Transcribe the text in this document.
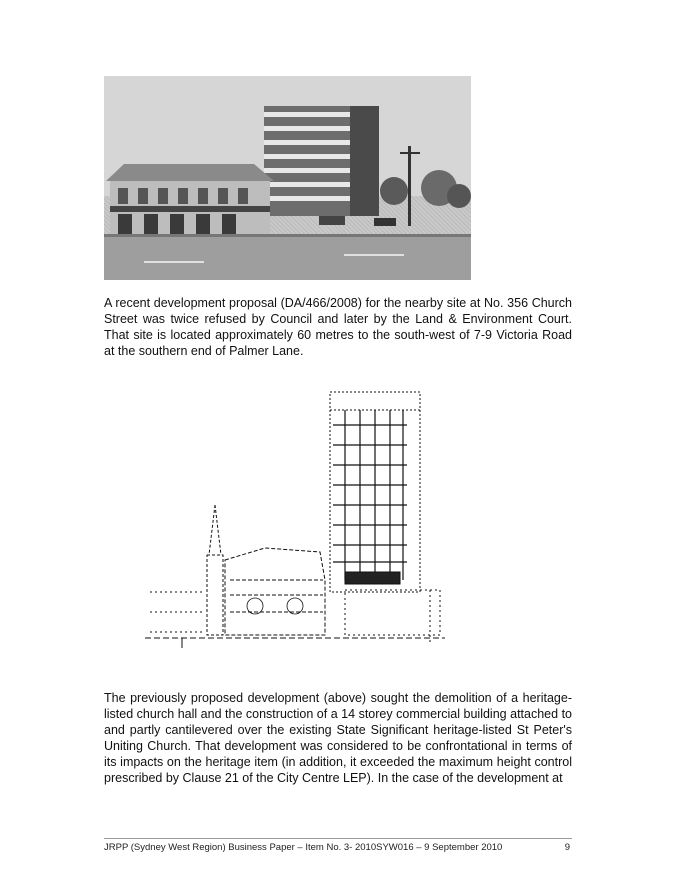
A recent development proposal (DA/466/2008) for the nearby site at No. 356 Church Street was twice refused by Council and later by the Land & Environment Court. That site is located approximately 60 metres to the south-west of 7-9 Victoria Road at the southern end of Palmer Lane.

The previously proposed development (above) sought the demolition of a heritage-listed church hall and the construction of a 14 storey commercial building attached to and partly cantilevered over the existing State Significant heritage-listed St Peter's Uniting Church. That development was considered to be confrontational in terms of its impacts on the heritage item (in addition, it exceeded the maximum height control prescribed by Clause 21 of the City Centre LEP). In the case of the development at

JRPP (Sydney West Region) Business Paper – Item No. 3- 2010SYW016 – 9 September 2010	9
